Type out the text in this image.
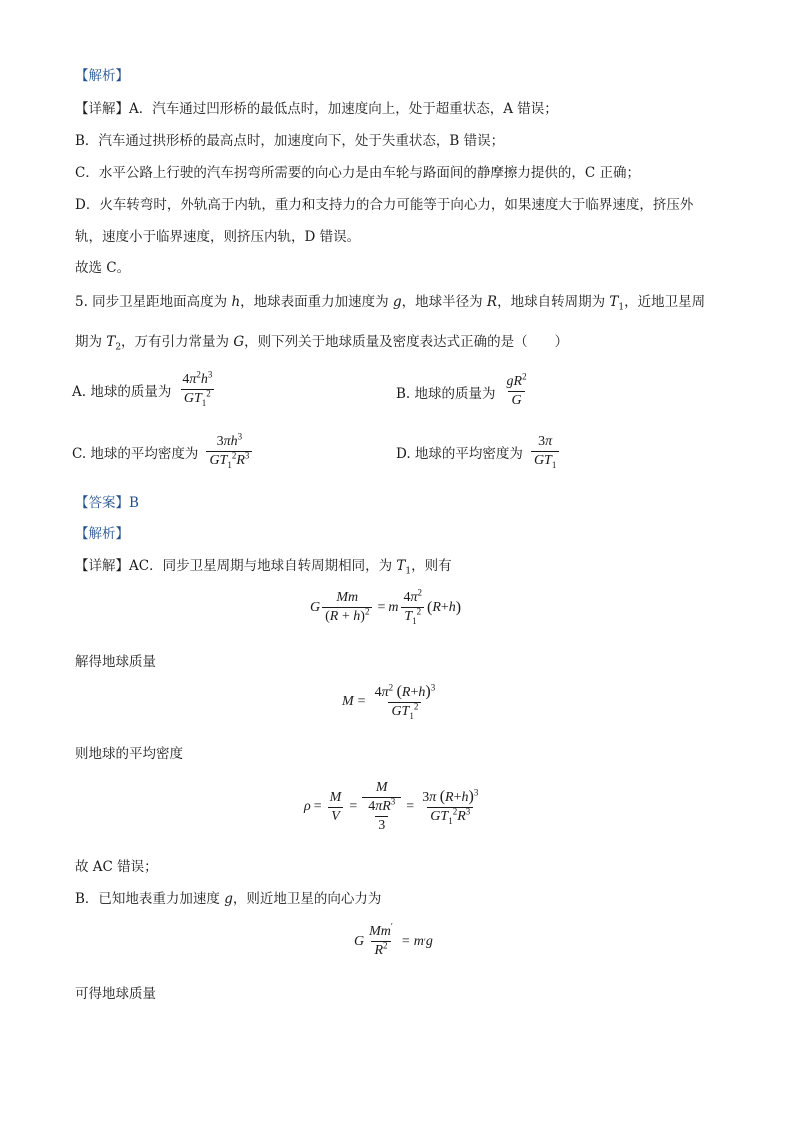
【解析】
【详解】A．汽车通过凹形桥的最低点时，加速度向上，处于超重状态，A 错误；
B．汽车通过拱形桥的最高点时，加速度向下，处于失重状态，B 错误；
C．水平公路上行驶的汽车拐弯所需要的向心力是由车轮与路面间的静摩擦力提供的，C 正确；
D．火车转弯时，外轨高于内轨，重力和支持力的合力可能等于向心力，如果速度大于临界速度，挤压外
轨，速度小于临界速度，则挤压内轨，D 错误。
故选 C。
5. 同步卫星距地面高度为 h，地球表面重力加速度为 g，地球半径为 R，地球自转周期为 $T_1$，近地卫星周
期为 $T_2$，万有引力常量为 G，则下列关于地球质量及密度表达式正确的是（　　）
A. 地球的质量为 $\frac{4\pi^2h^3}{GT_1^2}$	B. 地球的质量为 $\frac{gR^2}{G}$
C. 地球的平均密度为 $\frac{3\pi h^3}{GT_1^2R^3}$	D. 地球的平均密度为 $\frac{3\pi}{GT_1}$
【答案】B
【解析】
【详解】AC．同步卫星周期与地球自转周期相同，为 $T_1$，则有
G $\frac{Mm}{(R + h)^2} = m \frac{4\pi^2}{T_1^2}$ ( R + h )
解得地球质量
$M = \frac{4\pi^2 (R+h)^3}{GT_1^2}$
则地球的平均密度
$\rho = \frac{M}{V} = \frac{M}{\frac{4\pi R^3}{3}} = \frac{3\pi (R+h)^3}{GT_1^2R^3}$
故 AC 错误；
B．已知地表重力加速度 g，则近地卫星的向心力为
G $\frac{Mm'}{R^2} = m$ ′ g
可得地球质量
